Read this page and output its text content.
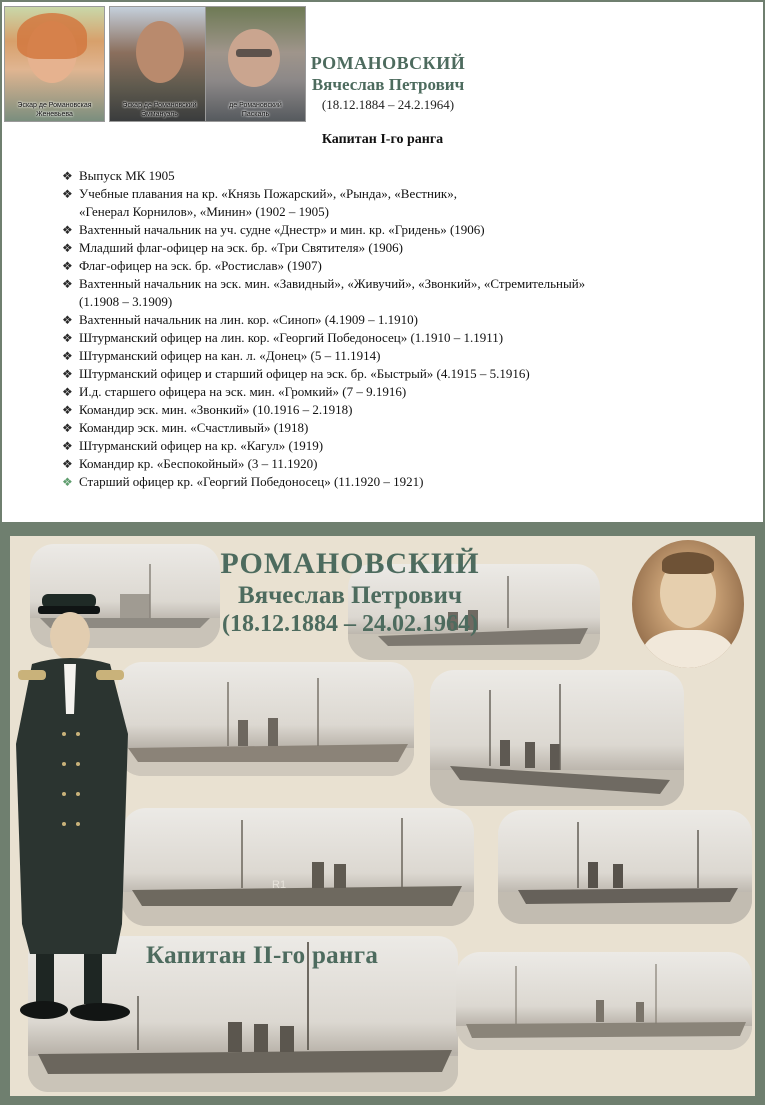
Эскар де Романовская
Женевьева
Эскар де Романовский
Эммануэль
де Романовский
Паскаль
РОМАНОВСКИЙ
Вячеслав Петрович
(18.12.1884 – 24.2.1964)
Капитан I-го ранга
❖ Выпуск МК 1905
❖ Учебные плавания на кр. «Князь Пожарский», «Рында», «Вестник»,
«Генерал Корнилов», «Минин» (1902 – 1905)
❖ Вахтенный начальник на уч. судне «Днестр» и мин. кр. «Гридень» (1906)
❖ Младший флаг-офицер на эск. бр. «Три Святителя» (1906)
❖ Флаг-офицер на эск. бр. «Ростислав» (1907)
❖ Вахтенный начальник на эск. мин. «Завидный», «Живучий», «Звонкий», «Стремительный»
(1.1908 – 3.1909)
❖ Вахтенный начальник на лин. кор. «Синоп» (4.1909 – 1.1910)
❖ Штурманский офицер на лин. кор. «Георгий Победоносец» (1.1910 – 1.1911)
❖ Штурманский офицер на кан. л. «Донец» (5 – 11.1914)
❖ Штурманский офицер и старший офицер на эск. бр. «Быстрый» (4.1915 – 5.1916)
❖ И.д. старшего офицера на эск. мин. «Громкий» (7 – 9.1916)
❖ Командир эск. мин. «Звонкий» (10.1916 – 2.1918)
❖ Командир эск. мин. «Счастливый» (1918)
❖ Штурманский офицер на кр. «Кагул» (1919)
❖ Командир кр. «Беспокойный» (3 – 11.1920)
❖ Старший офицер кр. «Георгий Победоносец» (11.1920 – 1921)
R1
РОМАНОВСКИЙ
Вячеслав Петрович
(18.12.1884 – 24.02.1964)
Капитан II-го ранга
